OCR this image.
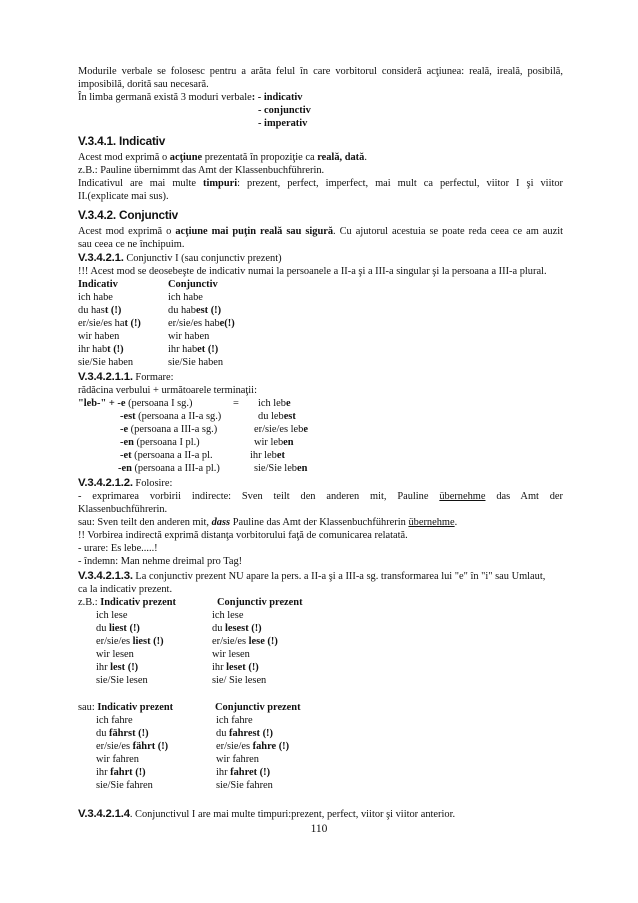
Modurile verbale se folosesc pentru a arăta felul în care vorbitorul consideră acţiunea: reală, ireală, posibilă,
imposibilă, dorită sau necesară.
În limba germană există 3 moduri verbale: - indicativ
- conjunctiv
- imperativ
V.3.4.1. Indicativ
Acest mod exprimă o acţiune prezentată în propoziţie ca reală, dată.
z.B.: Pauline übernimmt das Amt der Klassenbuchführerin.
Indicativul are mai multe timpuri: prezent, perfect, imperfect, mai mult ca perfectul, viitor I şi viitor
II.(explicate mai sus).
V.3.4.2. Conjunctiv
Acest mod exprimă o acţiune mai puţin reală sau sigură. Cu ajutorul acestuia se poate reda ceea ce am auzit
sau ceea ce ne închipuim.
V.3.4.2.1. Conjunctiv I (sau conjunctiv prezent)
!!! Acest mod se deosebeşte de indicativ numai la persoanele a II-a şi a III-a singular şi la persoana a III-a plural.
Indicativ	Conjunctiv
ich habe	ich habe
du hast (!)	du habest (!)
er/sie/es hat (!)	er/sie/es habe(!)
wir haben	wir haben
ihr habt (!)	ihr habet (!)
sie/Sie haben	sie/Sie haben
V.3.4.2.1.1. Formare:
rădăcina verbului + următoarele terminaţii:
"leb-" + -e (persoana I sg.)	= ich lebe
-est (persoana a II-a sg.)	du lebest
-e (persoana a III-a sg.)	er/sie/es lebe
-en (persoana I pl.)	wir leben
-et (persoana a II-a pl.	ihr lebet
-en (persoana a III-a pl.)	sie/Sie leben
V.3.4.2.1.2. Folosire:
- exprimarea vorbirii indirecte: Sven teilt den anderen mit, Pauline übernehme das Amt der
Klassenbuchführerin.
sau: Sven teilt den anderen mit, dass Pauline das Amt der Klassenbuchführerin übernehme.
!! Vorbirea indirectă exprimă distanţa vorbitorului faţă de comunicarea relatată.
- urare: Es lebe.....!
- îndemn: Man nehme dreimal pro Tag!
V.3.4.2.1.3. La conjunctiv prezent NU apare la pers. a II-a şi a III-a sg. transformarea lui "e" în "i" sau Umlaut,
ca la indicativ prezent.
z.B.: Indicativ prezent	Conjunctiv prezent
ich lese	ich lese
du liest (!)	du lesest (!)
er/sie/es liest (!)	er/sie/es lese (!)
wir lesen	wir lesen
ihr lest (!)	ihr leset (!)
sie/Sie lesen	sie/ Sie lesen
sau: Indicativ prezent	Conjunctiv prezent
ich fahre	ich fahre
du fährst (!)	du fahrest (!)
er/sie/es fährt (!)	er/sie/es fahre (!)
wir fahren	wir fahren
ihr fahrt (!)	ihr fahret (!)
sie/Sie fahren	sie/Sie fahren
V.3.4.2.1.4. Conjunctivul I are mai multe timpuri:prezent, perfect, viitor şi viitor anterior.
110
